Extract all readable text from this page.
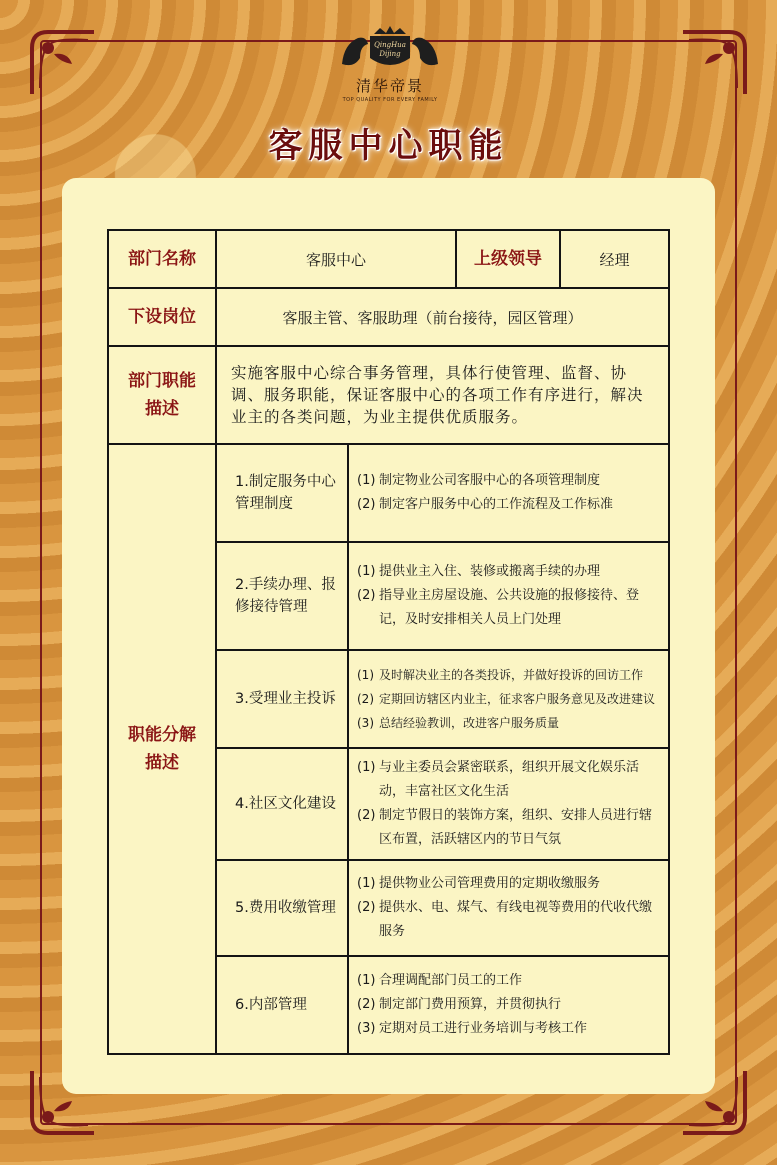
QingHua
Dijing
清华帝景
TOP QUALITY FOR EVERY FAMILY
客服中心职能
部门名称	客服中心		上级领导	经理
下设岗位	客服主管、客服助理（前台接待，园区管理）			
部门职能
描述	实施客服中心综合事务管理，具体行使管理、监督、协调、服务职能，保证客服中心的各项工作有序进行，解决业主的各类问题，为业主提供优质服务。			
职能分解
描述	1.制定服务中心管理制度	(1) 制定物业公司客服中心的各项管理制度
(2) 制定客户服务中心的工作流程及工作标准		

	2.手续办理、报修接待管理	(1) 提供业主入住、装修或搬离手续的办理
(2) 指导业主房屋设施、公共设施的报修接待、登记，及时安排相关人员上门处理		

	3.受理业主投诉	(1) 及时解决业主的各类投诉，并做好投诉的回访工作
(2) 定期回访辖区内业主，征求客户服务意见及改进建议
(3) 总结经验教训，改进客户服务质量		

	4.社区文化建设	(1) 与业主委员会紧密联系，组织开展文化娱乐活动，丰富社区文化生活
(2) 制定节假日的装饰方案，组织、安排人员进行辖区布置，活跃辖区内的节日气氛		

	5.费用收缴管理	(1) 提供物业公司管理费用的定期收缴服务
(2) 提供水、电、煤气、有线电视等费用的代收代缴服务		

	6.内部管理	(1) 合理调配部门员工的工作
(2) 制定部门费用预算，并贯彻执行
(3) 定期对员工进行业务培训与考核工作		
